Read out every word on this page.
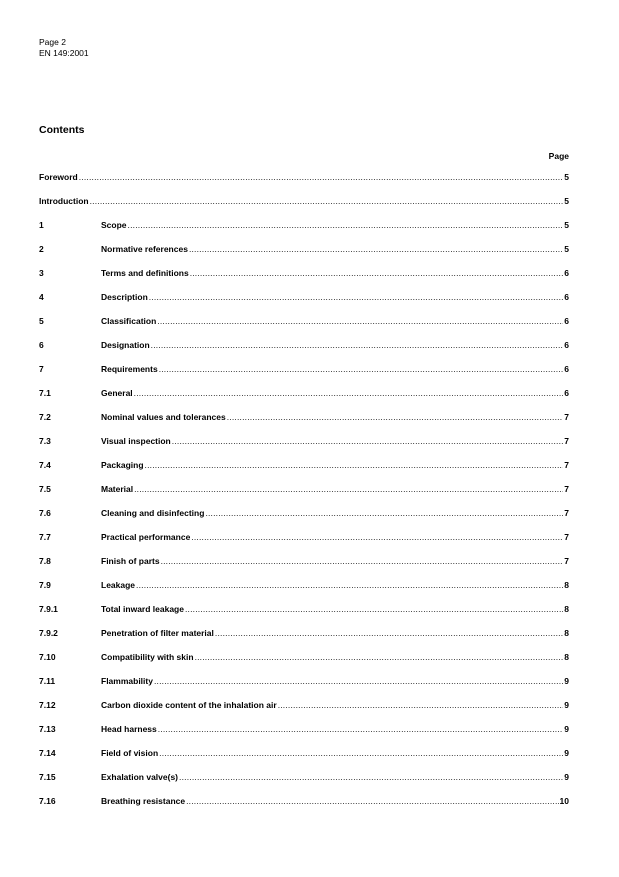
Page 2
EN 149:2001
Contents
Page
Foreword .....	5
Introduction .....	5
1	Scope .....	5
2	Normative references .....	5
3	Terms and definitions .....	6
4	Description .....	6
5	Classification .....	6
6	Designation .....	6
7	Requirements .....	6
7.1	General .....	6
7.2	Nominal values and tolerances .....	7
7.3	Visual inspection .....	7
7.4	Packaging .....	7
7.5	Material .....	7
7.6	Cleaning and disinfecting .....	7
7.7	Practical performance .....	7
7.8	Finish of parts .....	7
7.9	Leakage .....	8
7.9.1	Total inward leakage .....	8
7.9.2	Penetration of filter material .....	8
7.10	Compatibility with skin .....	8
7.11	Flammability .....	9
7.12	Carbon dioxide content of the inhalation air .....	9
7.13	Head harness .....	9
7.14	Field of vision .....	9
7.15	Exhalation valve(s) .....	9
7.16	Breathing resistance .....	10
